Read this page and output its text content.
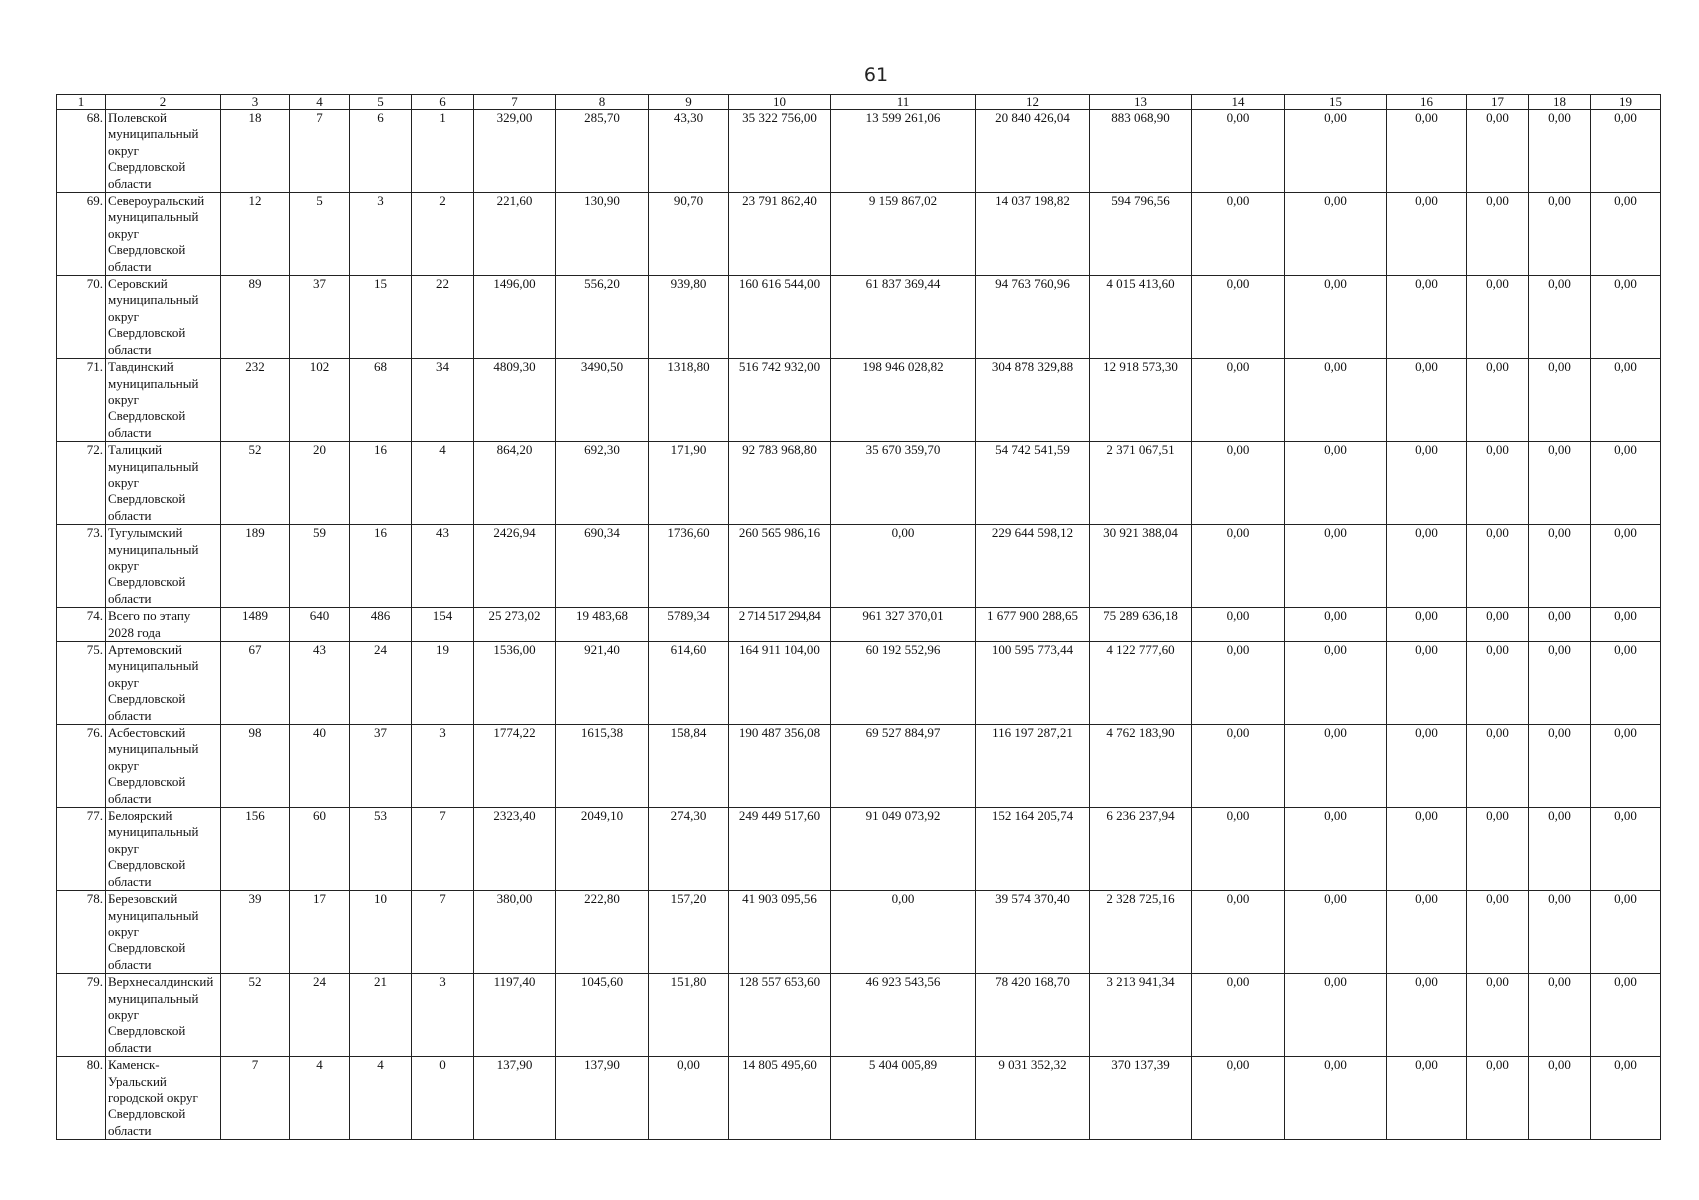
61
1	2	3	4	5	6	7	8	9	10	11	12	13	14	15	16	17	18	19
68.	Полевской муниципальный округ Свердловской области	18	7	6	1	329,00	285,70	43,30	35 322 756,00	13 599 261,06	20 840 426,04	883 068,90	0,00	0,00	0,00	0,00	0,00	0,00
69.	Североуральский муниципальный округ Свердловской области	12	5	3	2	221,60	130,90	90,70	23 791 862,40	9 159 867,02	14 037 198,82	594 796,56	0,00	0,00	0,00	0,00	0,00	0,00
70.	Серовский муниципальный округ Свердловской области	89	37	15	22	1496,00	556,20	939,80	160 616 544,00	61 837 369,44	94 763 760,96	4 015 413,60	0,00	0,00	0,00	0,00	0,00	0,00
71.	Тавдинский муниципальный округ Свердловской области	232	102	68	34	4809,30	3490,50	1318,80	516 742 932,00	198 946 028,82	304 878 329,88	12 918 573,30	0,00	0,00	0,00	0,00	0,00	0,00
72.	Талицкий муниципальный округ Свердловской области	52	20	16	4	864,20	692,30	171,90	92 783 968,80	35 670 359,70	54 742 541,59	2 371 067,51	0,00	0,00	0,00	0,00	0,00	0,00
73.	Тугулымский муниципальный округ Свердловской области	189	59	16	43	2426,94	690,34	1736,60	260 565 986,16	0,00	229 644 598,12	30 921 388,04	0,00	0,00	0,00	0,00	0,00	0,00
74.	Всего по этапу 2028 года	1489	640	486	154	25 273,02	19 483,68	5789,34	2 714 517 294,84	961 327 370,01	1 677 900 288,65	75 289 636,18	0,00	0,00	0,00	0,00	0,00	0,00
75.	Артемовский муниципальный округ Свердловской области	67	43	24	19	1536,00	921,40	614,60	164 911 104,00	60 192 552,96	100 595 773,44	4 122 777,60	0,00	0,00	0,00	0,00	0,00	0,00
76.	Асбестовский муниципальный округ Свердловской области	98	40	37	3	1774,22	1615,38	158,84	190 487 356,08	69 527 884,97	116 197 287,21	4 762 183,90	0,00	0,00	0,00	0,00	0,00	0,00
77.	Белоярский муниципальный округ Свердловской области	156	60	53	7	2323,40	2049,10	274,30	249 449 517,60	91 049 073,92	152 164 205,74	6 236 237,94	0,00	0,00	0,00	0,00	0,00	0,00
78.	Березовский муниципальный округ Свердловской области	39	17	10	7	380,00	222,80	157,20	41 903 095,56	0,00	39 574 370,40	2 328 725,16	0,00	0,00	0,00	0,00	0,00	0,00
79.	Верхнесалдинский муниципальный округ Свердловской области	52	24	21	3	1197,40	1045,60	151,80	128 557 653,60	46 923 543,56	78 420 168,70	3 213 941,34	0,00	0,00	0,00	0,00	0,00	0,00
80.	Каменск-Уральский городской округ Свердловской области	7	4	4	0	137,90	137,90	0,00	14 805 495,60	5 404 005,89	9 031 352,32	370 137,39	0,00	0,00	0,00	0,00	0,00	0,00
